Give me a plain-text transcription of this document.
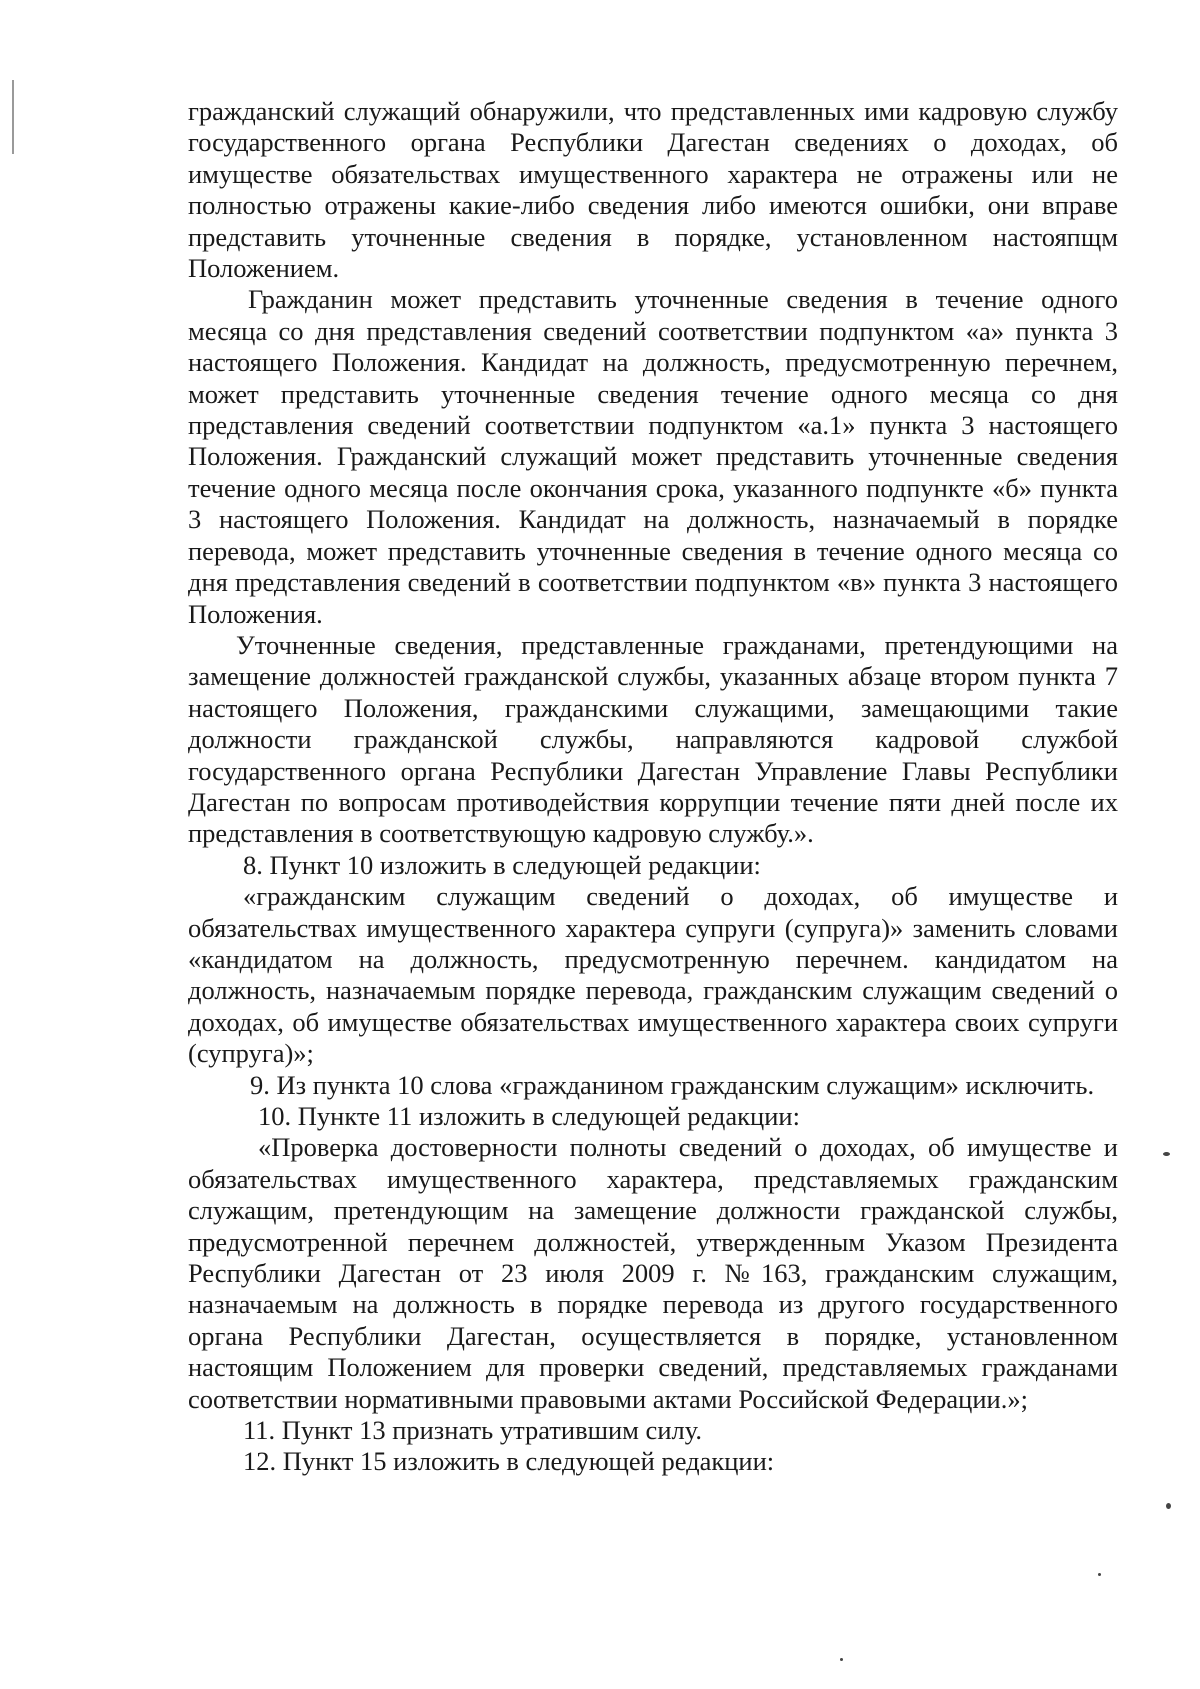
гражданский служащий обнаружили, что представленных ими кадровую службу государственного органа Республики Дагестан сведениях о доходах, об имуществе обязательствах имущественного характера не отражены или не полностью отражены какие-либо сведения либо имеются ошибки, они вправе представить уточненные сведения в порядке, установленном настояпщм Положением.

Гражданин может представить уточненные сведения в течение одного месяца со дня представления сведений соответствии подпунктом «а» пункта 3 настоящего Положения. Кандидат на должность, предусмотренную перечнем, может представить уточненные сведения течение одного месяца со дня представления сведений соответствии подпунктом «а.1» пункта 3 настоящего Положения. Гражданский служащий может представить уточненные сведения течение одного месяца после окончания срока, указанного подпункте «б» пункта 3 настоящего Положения. Кандидат на должность, назначаемый в порядке перевода, может представить уточненные сведения в течение одного месяца со дня представления сведений в соответствии подпунктом «в» пункта 3 настоящего Положения.

Уточненные сведения, представленные гражданами, претендующими на замещение должностей гражданской службы, указанных абзаце втором пункта 7 настоящего Положения, гражданскими служащими, замещающими такие должности гражданской службы, направляются кадровой службой государственного органа Республики Дагестан Управление Главы Республики Дагестан по вопросам противодействия коррупции течение пяти дней после их представления в соответствующую кадровую службу.».

8. Пункт 10 изложить в следующей редакции:

«гражданским служащим сведений о доходах, об имуществе и обязательствах имущественного характера супруги (супруга)» заменить словами «кандидатом на должность, предусмотренную перечнем. кандидатом на должность, назначаемым порядке перевода, гражданским служащим сведений о доходах, об имуществе обязательствах имущественного характера своих супруги (супруга)»;

9. Из пункта 10 слова «гражданином гражданским служащим» исключить.

10. Пункте 11 изложить в следующей редакции:

«Проверка достоверности полноты сведений о доходах, об имуществе и обязательствах имущественного характера, представляемых гражданским служащим, претендующим на замещение должности гражданской службы, предусмотренной перечнем должностей, утвержденным Указом Президента Республики Дагестан от 23 июля 2009 г. №163, гражданским служащим, назначаемым на должность в порядке перевода из другого государственного органа Республики Дагестан, осуществляется в порядке, установленном настоящим Положением для проверки сведений, представляемых гражданами соответствии нормативными правовыми актами Российской Федерации.»;

11. Пункт 13 признать утратившим силу.

12. Пункт 15 изложить в следующей редакции:
